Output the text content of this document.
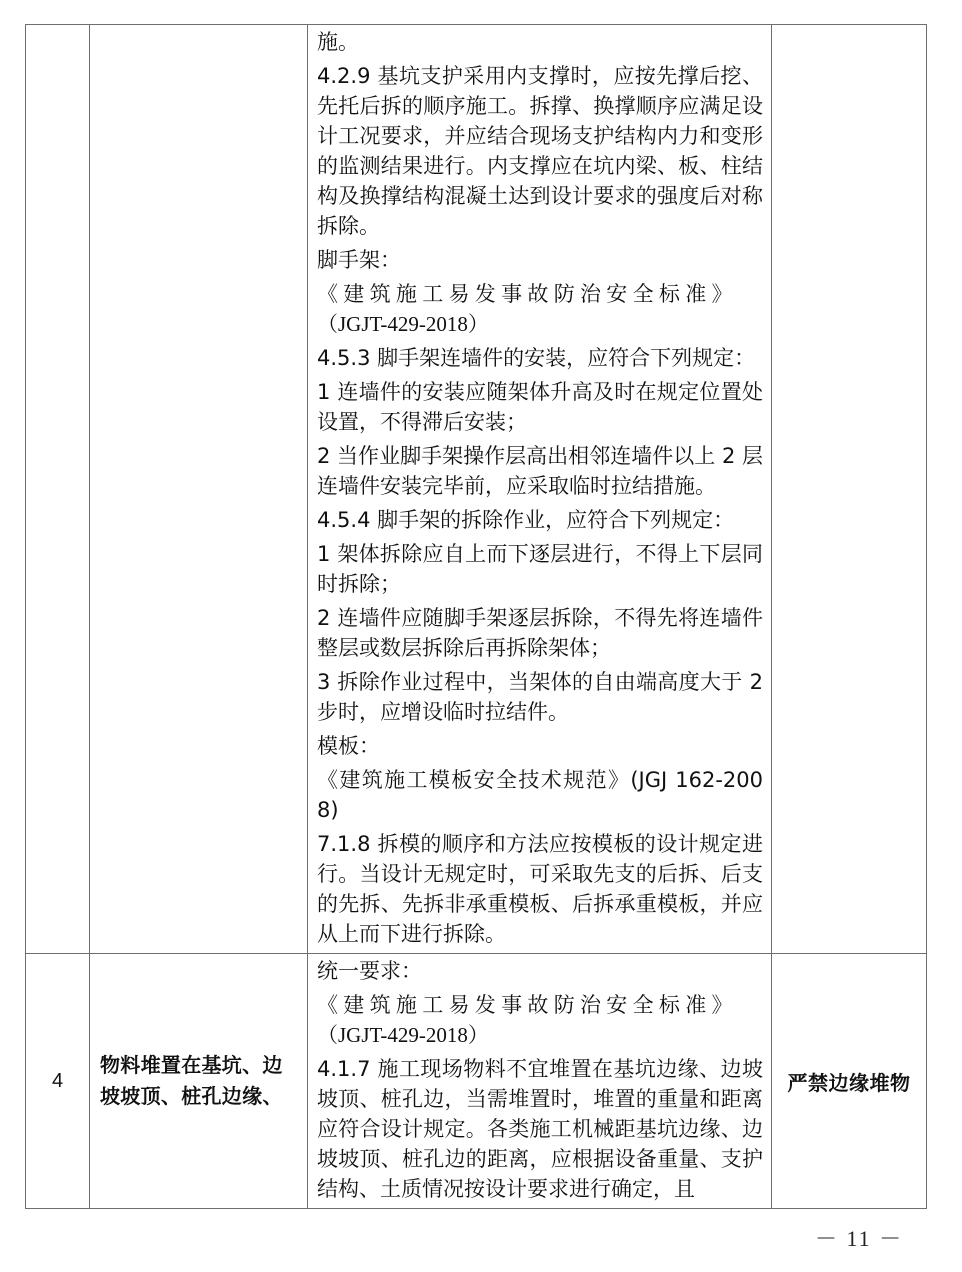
施。

4.2.9 基坑支护采用内支撑时，应按先撑后挖、先托后拆的顺序施工。拆撑、换撑顺序应满足设计工况要求，并应结合现场支护结构内力和变形的监测结果进行。内支撑应在坑内梁、板、柱结构及换撑结构混凝土达到设计要求的强度后对称拆除。

脚手架：

《建筑施工易发事故防治安全标准》

（JGJT-429-2018）

4.5.3 脚手架连墙件的安装，应符合下列规定：

1 连墙件的安装应随架体升高及时在规定位置处设置，不得滞后安装；

2 当作业脚手架操作层高出相邻连墙件以上 2 层连墙件安装完毕前，应采取临时拉结措施。

4.5.4 脚手架的拆除作业，应符合下列规定：

1 架体拆除应自上而下逐层进行，不得上下层同时拆除；

2 连墙件应随脚手架逐层拆除，不得先将连墙件整层或数层拆除后再拆除架体；

3 拆除作业过程中，当架体的自由端高度大于 2 步时，应增设临时拉结件。

模板：

《建筑施工模板安全技术规范》(JGJ 162-2008)

7.1.8 拆模的顺序和方法应按模板的设计规定进行。当设计无规定时，可采取先支的后拆、后支的先拆、先拆非承重模板、后拆承重模板，并应从上而下进行拆除。

4	物料堆置在基坑、边坡坡顶、桩孔边缘、	统一要求：

《建筑施工易发事故防治安全标准》

（JGJT-429-2018）

4.1.7 施工现场物料不宜堆置在基坑边缘、边坡坡顶、桩孔边，当需堆置时，堆置的重量和距离应符合设计规定。各类施工机械距基坑边缘、边坡坡顶、桩孔边的距离，应根据设备重量、支护结构、土质情况按设计要求进行确定，且	严禁边缘堆物
－ 11 －
